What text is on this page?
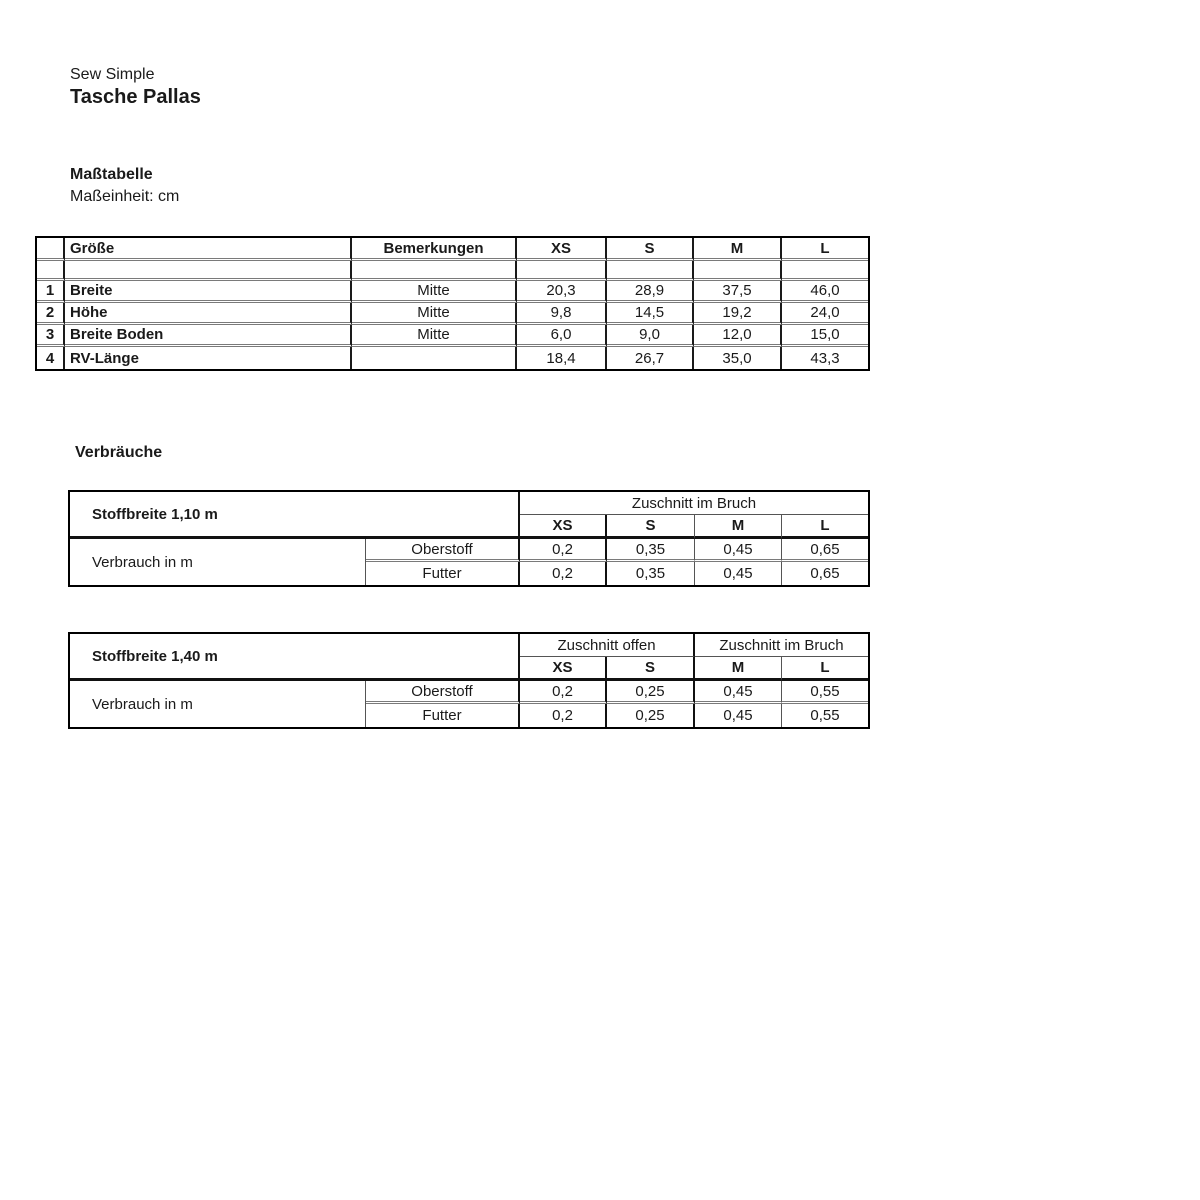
Sew Simple
Tasche Pallas
Maßtabelle
Maßeinheit: cm
	Größe	Bemerkungen	XS	S	M	L

1	Breite	Mitte	20,3	28,9	37,5	46,0
2	Höhe	Mitte	9,8	14,5	19,2	24,0
3	Breite Boden	Mitte	6,0	9,0	12,0	15,0
4	RV-Länge		18,4	26,7	35,0	43,3
Verbräuche
Stoffbreite 1,10 m		Zuschnitt im Bruch			
		XS	S	M	L
Verbrauch in m	Oberstoff	0,2	0,35	0,45	0,65
	Futter	0,2	0,35	0,45	0,65
Stoffbreite 1,40 m		Zuschnitt offen		Zuschnitt im Bruch	
		XS	S	M	L
Verbrauch in m	Oberstoff	0,2	0,25	0,45	0,55
	Futter	0,2	0,25	0,45	0,55
